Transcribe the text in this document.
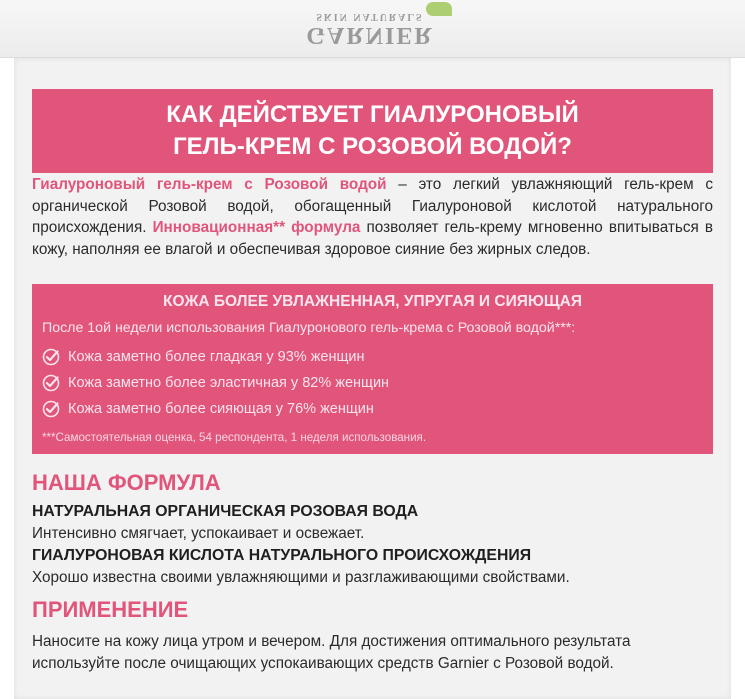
GARNIER
SKIN NATURALS
КАК ДЕЙСТВУЕТ ГИАЛУРОНОВЫЙ
ГЕЛЬ-КРЕМ С РОЗОВОЙ ВОДОЙ?
Гиалуроновый гель-крем с Розовой водой – это легкий увлажняющий гель-крем с органической Розовой водой, обогащенный Гиалуроновой кислотой натурального происхождения. Инновационная** формула позволяет гель-крему мгновенно впитываться в кожу, наполняя ее влагой и обеспечивая здоровое сияние без жирных следов.
КОЖА БОЛЕЕ УВЛАЖНЕННАЯ, УПРУГАЯ И СИЯЮЩАЯ
После 1ой недели использования Гиалуронового гель-крема с Розовой водой***:
Кожа заметно более гладкая у 93% женщин
Кожа заметно более эластичная у 82% женщин
Кожа заметно более сияющая у 76% женщин
***Самостоятельная оценка, 54 респондента, 1 неделя использования.
НАША ФОРМУЛА
НАТУРАЛЬНАЯ ОРГАНИЧЕСКАЯ РОЗОВАЯ ВОДА
Интенсивно смягчает, успокаивает и освежает.
ГИАЛУРОНОВАЯ КИСЛОТА НАТУРАЛЬНОГО ПРОИСХОЖДЕНИЯ
Хорошо известна своими увлажняющими и разглаживающими свойствами.
ПРИМЕНЕНИЕ
Наносите на кожу лица утром и вечером. Для достижения оптимального результата используйте после очищающих успокаивающих средств Garnier с Розовой водой.
